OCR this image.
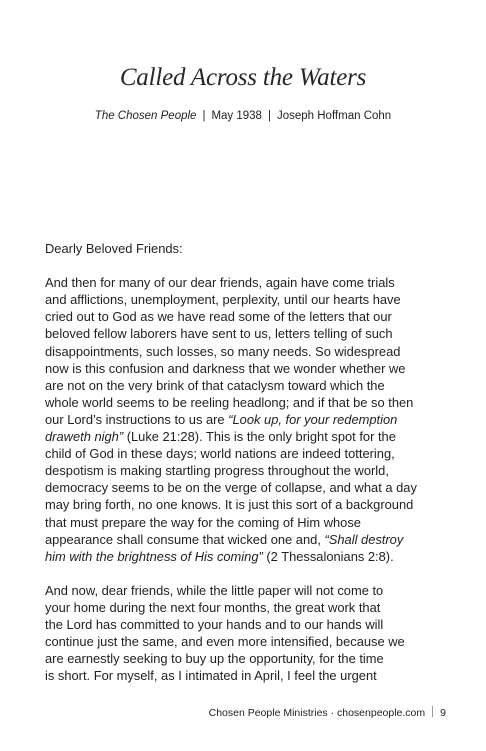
Called Across the Waters
The Chosen People | May 1938 | Joseph Hoffman Cohn
Dearly Beloved Friends:
And then for many of our dear friends, again have come trials
and afflictions, unemployment, perplexity, until our hearts have
cried out to God as we have read some of the letters that our
beloved fellow laborers have sent to us, letters telling of such
disappointments, such losses, so many needs. So widespread
now is this confusion and darkness that we wonder whether we
are not on the very brink of that cataclysm toward which the
whole world seems to be reeling headlong; and if that be so then
our Lord’s instructions to us are “Look up, for your redemption
draweth nigh” (Luke 21:28). This is the only bright spot for the
child of God in these days; world nations are indeed tottering,
despotism is making startling progress throughout the world,
democracy seems to be on the verge of collapse, and what a day
may bring forth, no one knows. It is just this sort of a background
that must prepare the way for the coming of Him whose
appearance shall consume that wicked one and, “Shall destroy
him with the brightness of His coming” (2 Thessalonians 2:8).
And now, dear friends, while the little paper will not come to
your home during the next four months, the great work that
the Lord has committed to your hands and to our hands will
continue just the same, and even more intensified, because we
are earnestly seeking to buy up the opportunity, for the time
is short. For myself, as I intimated in April, I feel the urgent
Chosen People Ministries · chosenpeople.com 9
